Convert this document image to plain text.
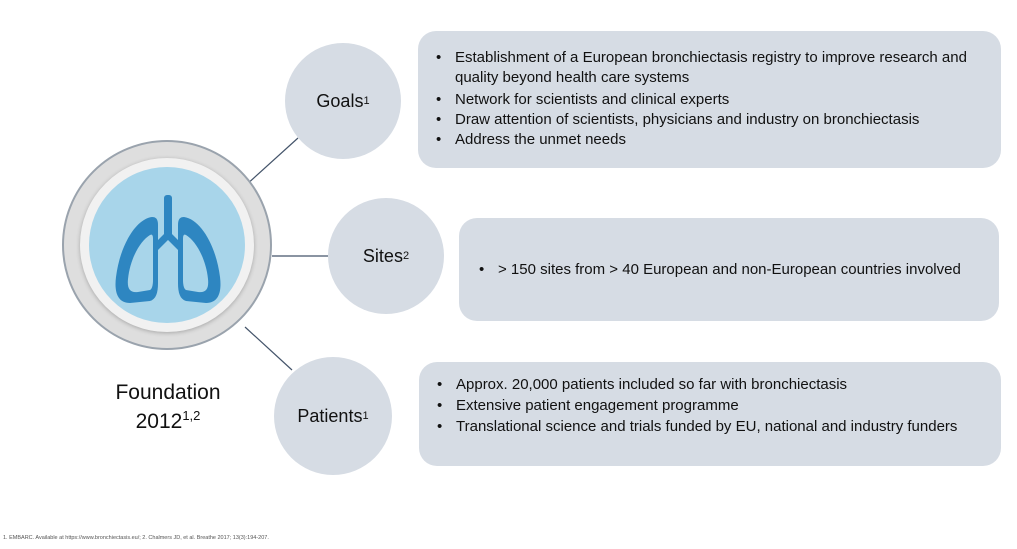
Foundation
2012$^{1,2}$
Goals 1
Sites 2
Patients 1
• Establishment of a European bronchiectasis registry to improve research and quality beyond health care systems
• Network for scientists and clinical experts
• Draw attention of scientists, physicians and industry on bronchiectasis
• Address the unmet needs
• > 150 sites from > 40 European and non-European countries involved
• Approx. 20,000 patients included so far with bronchiectasis
• Extensive patient engagement programme
• Translational science and trials funded by EU, national and industry funders
1. EMBARC. Available at https://www.bronchiectasis.eu/; 2. Chalmers JD, et al. Breathe 2017; 13(3):194-207.
